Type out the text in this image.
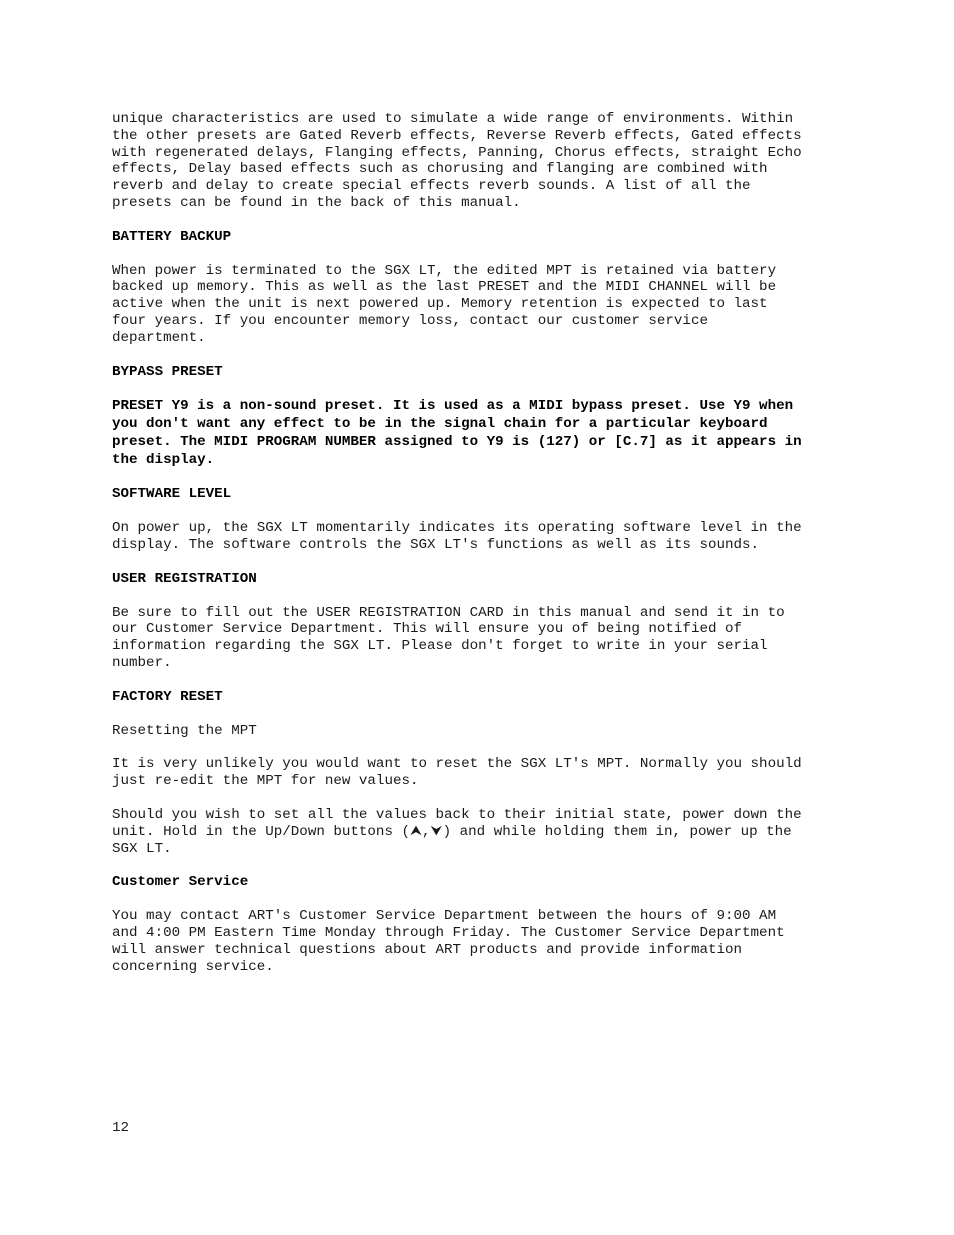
unique characteristics are used to simulate a wide range of environments. Within
the other presets are Gated Reverb effects, Reverse Reverb effects, Gated effects
with regenerated delays, Flanging effects, Panning, Chorus effects, straight Echo
effects, Delay based effects such as chorusing and flanging are combined with
reverb and delay to create special effects reverb sounds. A list of all the
presets can be found in the back of this manual.

BATTERY BACKUP

When power is terminated to the SGX LT, the edited MPT is retained via battery
backed up memory. This as well as the last PRESET and the MIDI CHANNEL will be
active when the unit is next powered up. Memory retention is expected to last
four years. If you encounter memory loss, contact our customer service
department.

BYPASS PRESET

PRESET Y9 is a non-sound preset. It is used as a MIDI bypass preset. Use Y9 when
you don't want any effect to be in the signal chain for a particular keyboard
preset. The MIDI PROGRAM NUMBER assigned to Y9 is (127) or [C.7] as it appears in
the display.

SOFTWARE LEVEL

On power up, the SGX LT momentarily indicates its operating software level in the
display. The software controls the SGX LT's functions as well as its sounds.

USER REGISTRATION

Be sure to fill out the USER REGISTRATION CARD in this manual and send it in to
our Customer Service Department. This will ensure you of being notified of
information regarding the SGX LT. Please don't forget to write in your serial
number.

FACTORY RESET

Resetting the MPT

It is very unlikely you would want to reset the SGX LT's MPT. Normally you should
just re-edit the MPT for new values.

Should you wish to set all the values back to their initial state, power down the
unit. Hold in the Up/Down buttons (⮝,⮟) and while holding them in, power up the
SGX LT.

Customer Service

You may contact ART's Customer Service Department between the hours of 9:00 AM
and 4:00 PM Eastern Time Monday through Friday. The Customer Service Department
will answer technical questions about ART products and provide information
concerning service.

12
